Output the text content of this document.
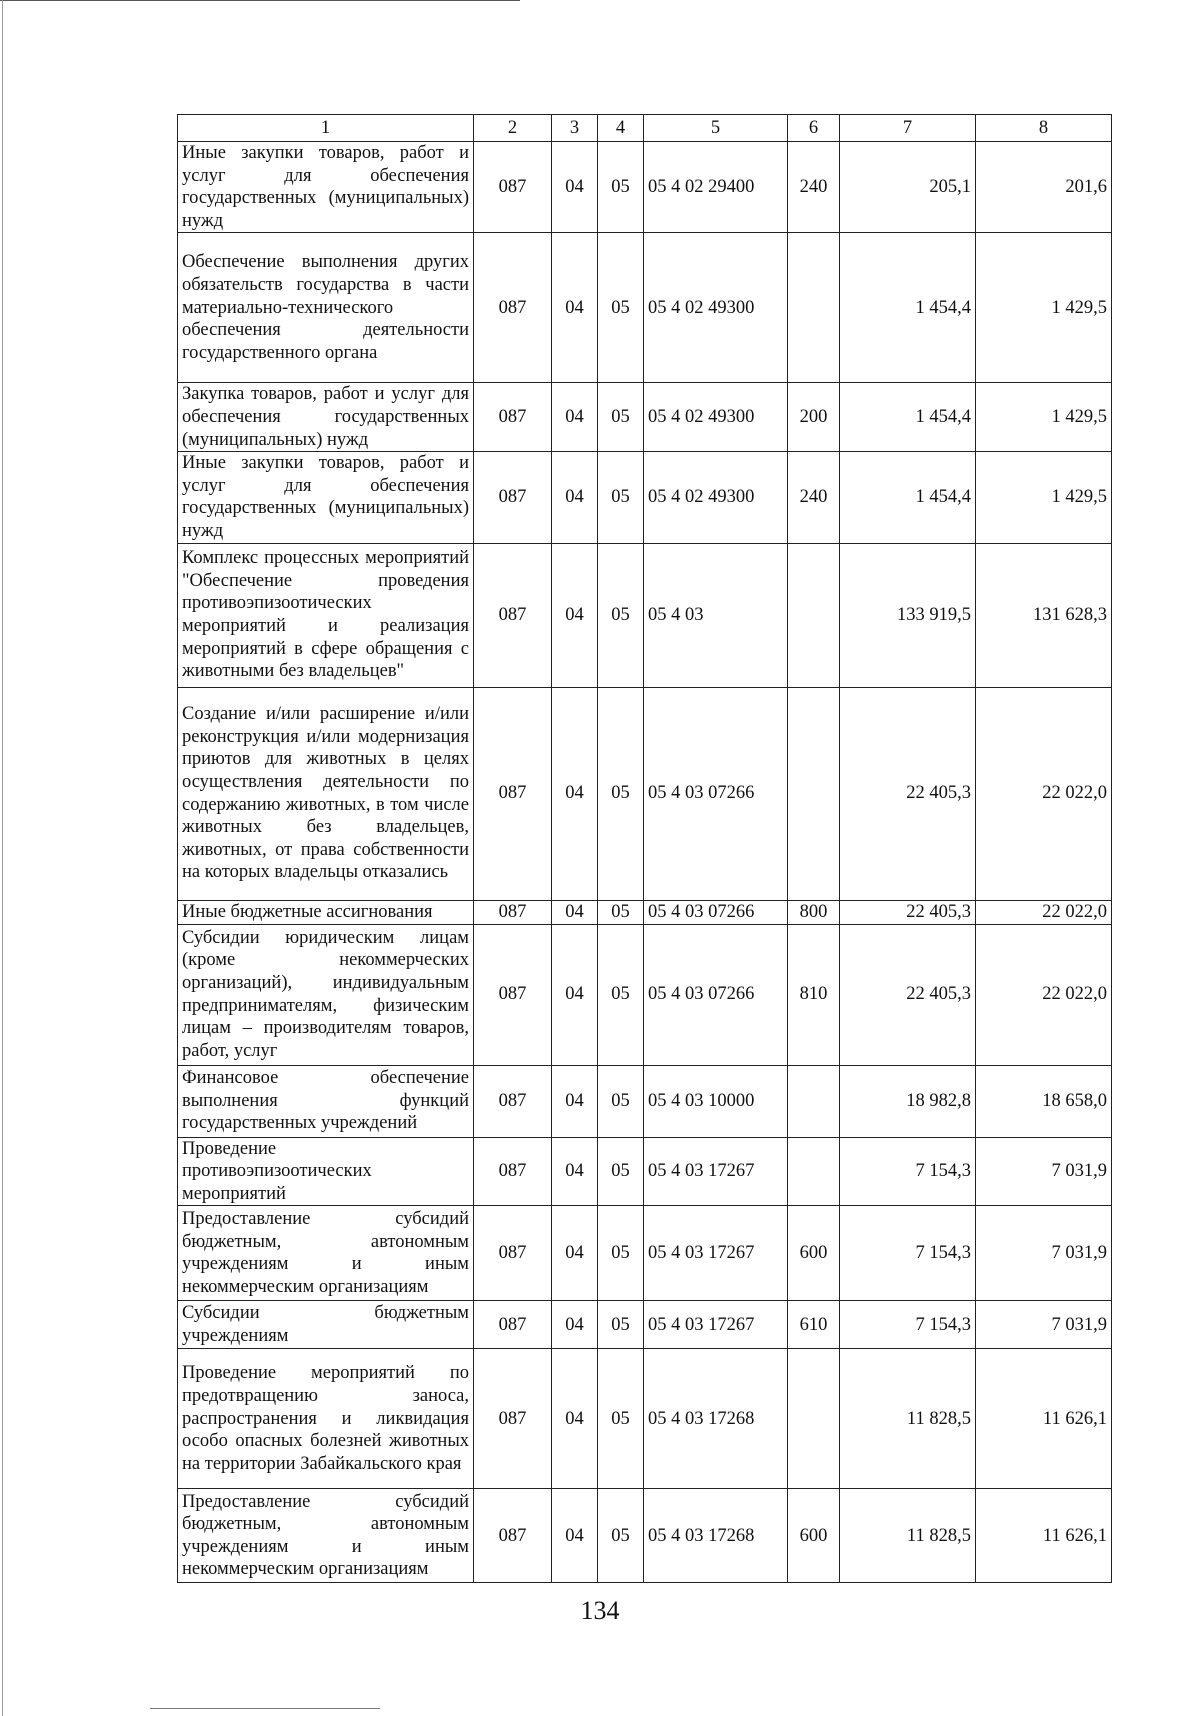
1	2	3	4	5	6	7	8
Иные закупки товаров, работ и услуг для обеспечения государственных (муниципальных) нужд	087	04	05	05 4 02 29400	240	205,1	201,6
Обеспечение выполнения других обязательств государства в части материально-технического обеспечения деятельности государственного органа	087	04	05	05 4 02 49300		1 454,4	1 429,5
Закупка товаров, работ и услуг для обеспечения государственных (муниципальных) нужд	087	04	05	05 4 02 49300	200	1 454,4	1 429,5
Иные закупки товаров, работ и услуг для обеспечения государственных (муниципальных) нужд	087	04	05	05 4 02 49300	240	1 454,4	1 429,5
Комплекс процессных мероприятий "Обеспечение проведения противоэпизоотических мероприятий и реализация мероприятий в сфере обращения с животными без владельцев"	087	04	05	05 4 03		133 919,5	131 628,3
Создание и/или расширение и/или реконструкция и/или модернизация приютов для животных в целях осуществления деятельности по содержанию животных, в том числе животных без владельцев, животных, от права собственности на которых владельцы отказались	087	04	05	05 4 03 07266		22 405,3	22 022,0
Иные бюджетные ассигнования	087	04	05	05 4 03 07266	800	22 405,3	22 022,0
Субсидии юридическим лицам (кроме некоммерческих организаций), индивидуальным предпринимателям, физическим лицам – производителям товаров, работ, услуг	087	04	05	05 4 03 07266	810	22 405,3	22 022,0
Финансовое обеспечение выполнения функций государственных учреждений	087	04	05	05 4 03 10000		18 982,8	18 658,0
Проведение противоэпизоотических мероприятий	087	04	05	05 4 03 17267		7 154,3	7 031,9
Предоставление субсидий бюджетным, автономным учреждениям и иным некоммерческим организациям	087	04	05	05 4 03 17267	600	7 154,3	7 031,9
Субсидии бюджетным учреждениям	087	04	05	05 4 03 17267	610	7 154,3	7 031,9
Проведение мероприятий по предотвращению заноса, распространения и ликвидация особо опасных болезней животных на территории Забайкальского края	087	04	05	05 4 03 17268		11 828,5	11 626,1
Предоставление субсидий бюджетным, автономным учреждениям и иным некоммерческим организациям	087	04	05	05 4 03 17268	600	11 828,5	11 626,1
134
